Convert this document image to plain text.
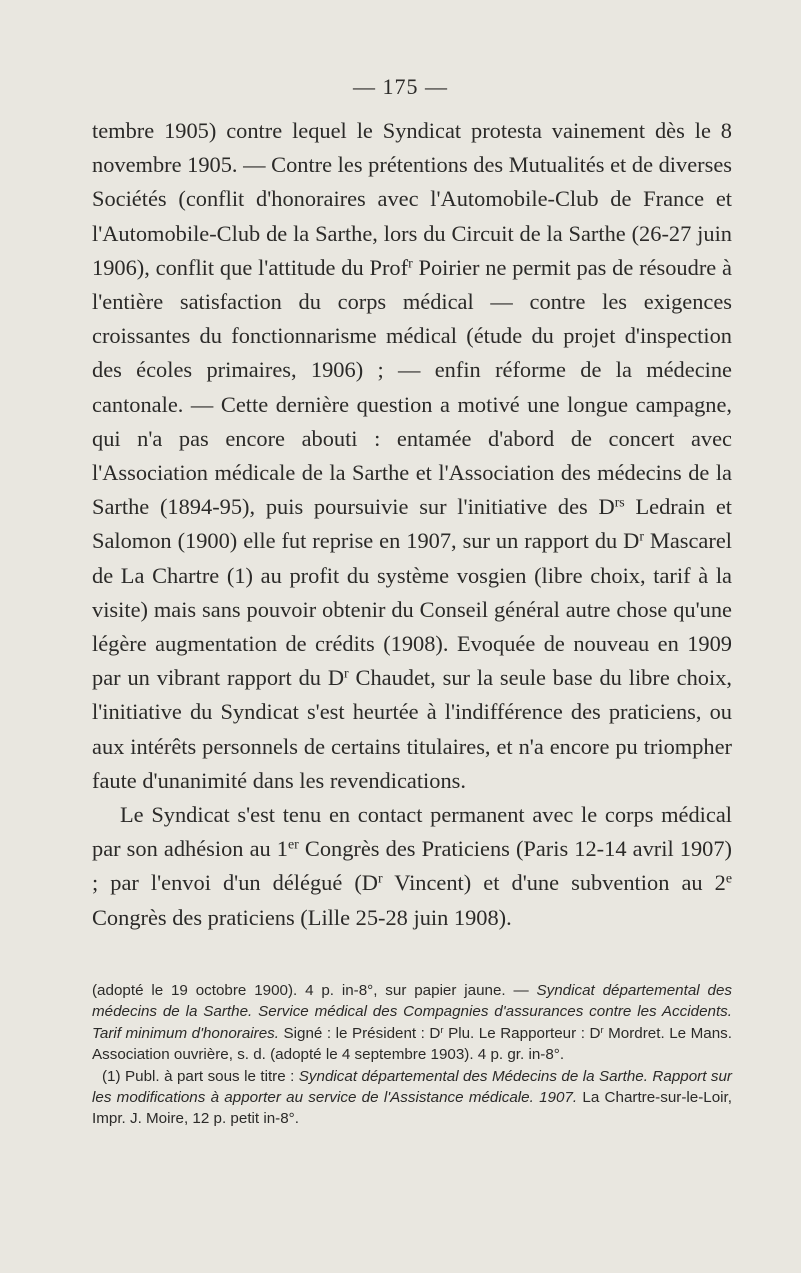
— 175 —

tembre 1905) contre lequel le Syndicat protesta vainement dès le 8 novembre 1905. — Contre les prétentions des Mutualités et de diverses Sociétés (conflit d'honoraires avec l'Automobile-Club de France et l'Automobile-Club de la Sarthe, lors du Circuit de la Sarthe (26-27 juin 1906), conflit que l'attitude du Prof$^r$ Poirier ne permit pas de résoudre à l'entière satisfaction du corps médical — contre les exigences croissantes du fonctionnarisme médical (étude du projet d'inspection des écoles primaires, 1906) ; — enfin réforme de la médecine cantonale. — Cette dernière question a motivé une longue campagne, qui n'a pas encore abouti : entamée d'abord de concert avec l'Association médicale de la Sarthe et l'Association des médecins de la Sarthe (1894-95), puis poursuivie sur l'initiative des $D^{rs}$ Ledrain et Salomon (1900) elle fut reprise en 1907, sur un rapport du $D^r$ Mascarel de La Chartre (1) au profit du système vosgien (libre choix, tarif à la visite) mais sans pouvoir obtenir du Conseil général autre chose qu'une légère augmentation de crédits (1908). Evoquée de nouveau en 1909 par un vibrant rapport du $D^r$ Chaudet, sur la seule base du libre choix, l'initiative du Syndicat s'est heurtée à l'indifférence des praticiens, ou aux intérêts personnels de certains titulaires, et n'a encore pu triompher faute d'unanimité dans les revendications.

Le Syndicat s'est tenu en contact permanent avec le corps médical par son adhésion au 1er Congrès des Praticiens (Paris 12-14 avril 1907) ; par l'envoi d'un délégué ($D^r$ Vincent) et d'une subvention au 2e Congrès des praticiens (Lille 25-28 juin 1908).

(adopté le 19 octobre 1900). 4 p. in-8°, sur papier jaune. — Syndicat départemental des médecins de la Sarthe. Service médical des Compagnies d'assurances contre les Accidents. Tarif minimum d'honoraires. Signé : le Président : $D^r$ Plu. Le Rapporteur : $D^r$ Mordret. Le Mans. Association ouvrière, s. d. (adopté le 4 septembre 1903). 4 p. gr. in-8°.

(1) Publ. à part sous le titre : Syndicat départemental des Médecins de la Sarthe. Rapport sur les modifications à apporter au service de l'Assistance médicale. 1907. La Chartre-sur-le-Loir, Impr. J. Moire, 12 p. petit in-8°.
